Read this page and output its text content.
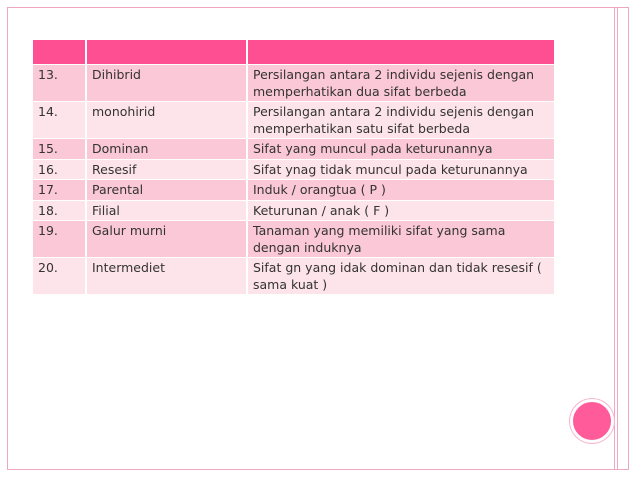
13.	Dihibrid	Persilangan antara 2 individu sejenis dengan memperhatikan dua sifat berbeda
14.	monohirid	Persilangan antara 2 individu sejenis dengan memperhatikan satu sifat berbeda
15.	Dominan	Sifat yang muncul pada keturunannya
16.	Resesif	Sifat ynag tidak muncul pada keturunannya
17.	Parental	Induk / orangtua ( P )
18.	Filial	Keturunan / anak ( F )
19.	Galur murni	Tanaman yang memiliki sifat yang sama dengan induknya
20.	Intermediet	Sifat gn yang idak dominan dan tidak resesif ( sama kuat )
